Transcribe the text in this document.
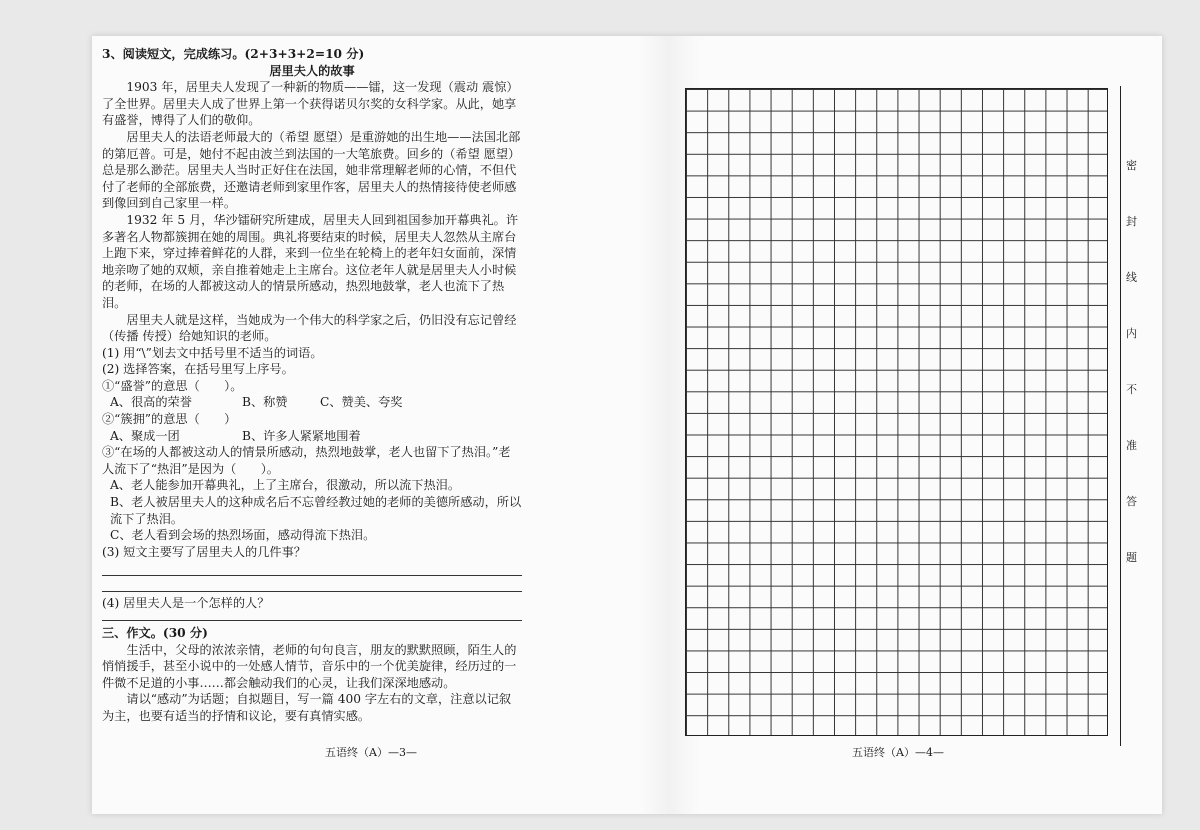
3、阅读短文，完成练习。(2+3+3+2=10 分)

居里夫人的故事

1903 年，居里夫人发现了一种新的物质——镭，这一发现（震动 震惊）了全世界。居里夫人成了世界上第一个获得诺贝尔奖的女科学家。从此，她享有盛誉，博得了人们的敬仰。

居里夫人的法语老师最大的（希望 愿望）是重游她的出生地——法国北部的第厄普。可是，她付不起由波兰到法国的一大笔旅费。回乡的（希望 愿望）总是那么渺茫。居里夫人当时正好住在法国，她非常理解老师的心情，不但代付了老师的全部旅费，还邀请老师到家里作客，居里夫人的热情接待使老师感到像回到自己家里一样。

1932 年 5 月，华沙镭研究所建成，居里夫人回到祖国参加开幕典礼。许多著名人物都簇拥在她的周围。典礼将要结束的时候，居里夫人忽然从主席台上跑下来，穿过捧着鲜花的人群，来到一位坐在轮椅上的老年妇女面前，深情地亲吻了她的双颊，亲自推着她走上主席台。这位老年人就是居里夫人小时候的老师，在场的人都被这动人的情景所感动，热烈地鼓掌，老人也流下了热泪。

居里夫人就是这样，当她成为一个伟大的科学家之后，仍旧没有忘记曾经（传播 传授）给她知识的老师。

(1) 用“\”划去文中括号里不适当的词语。

(2) 选择答案，在括号里写上序号。

①“盛誉”的意思（　　）。

A、很高的荣誉	B、称赞	C、赞美、夸奖

②“簇拥”的意思（　　）

A、聚成一团	B、许多人紧紧地围着

③“在场的人都被这动人的情景所感动，热烈地鼓掌，老人也留下了热泪。”老人流下了“热泪”是因为（　　）。

A、老人能参加开幕典礼，上了主席台，很激动，所以流下热泪。

B、老人被居里夫人的这种成名后不忘曾经教过她的老师的美德所感动，所以流下了热泪。

C、老人看到会场的热烈场面，感动得流下热泪。

(3) 短文主要写了居里夫人的几件事？

(4) 居里夫人是一个怎样的人？

三、作文。(30 分)

生活中，父母的浓浓亲情，老师的句句良言，朋友的默默照顾，陌生人的悄悄援手，甚至小说中的一处感人情节，音乐中的一个优美旋律，经历过的一件微不足道的小事……都会触动我们的心灵，让我们深深地感动。

请以“感动”为话题；自拟题目，写一篇 400 字左右的文章，注意以记叙为主，也要有适当的抒情和议论，要有真情实感。

五语终（A）—3—
密
封
线
内
不
准
答
题
五语终（A）—4—
